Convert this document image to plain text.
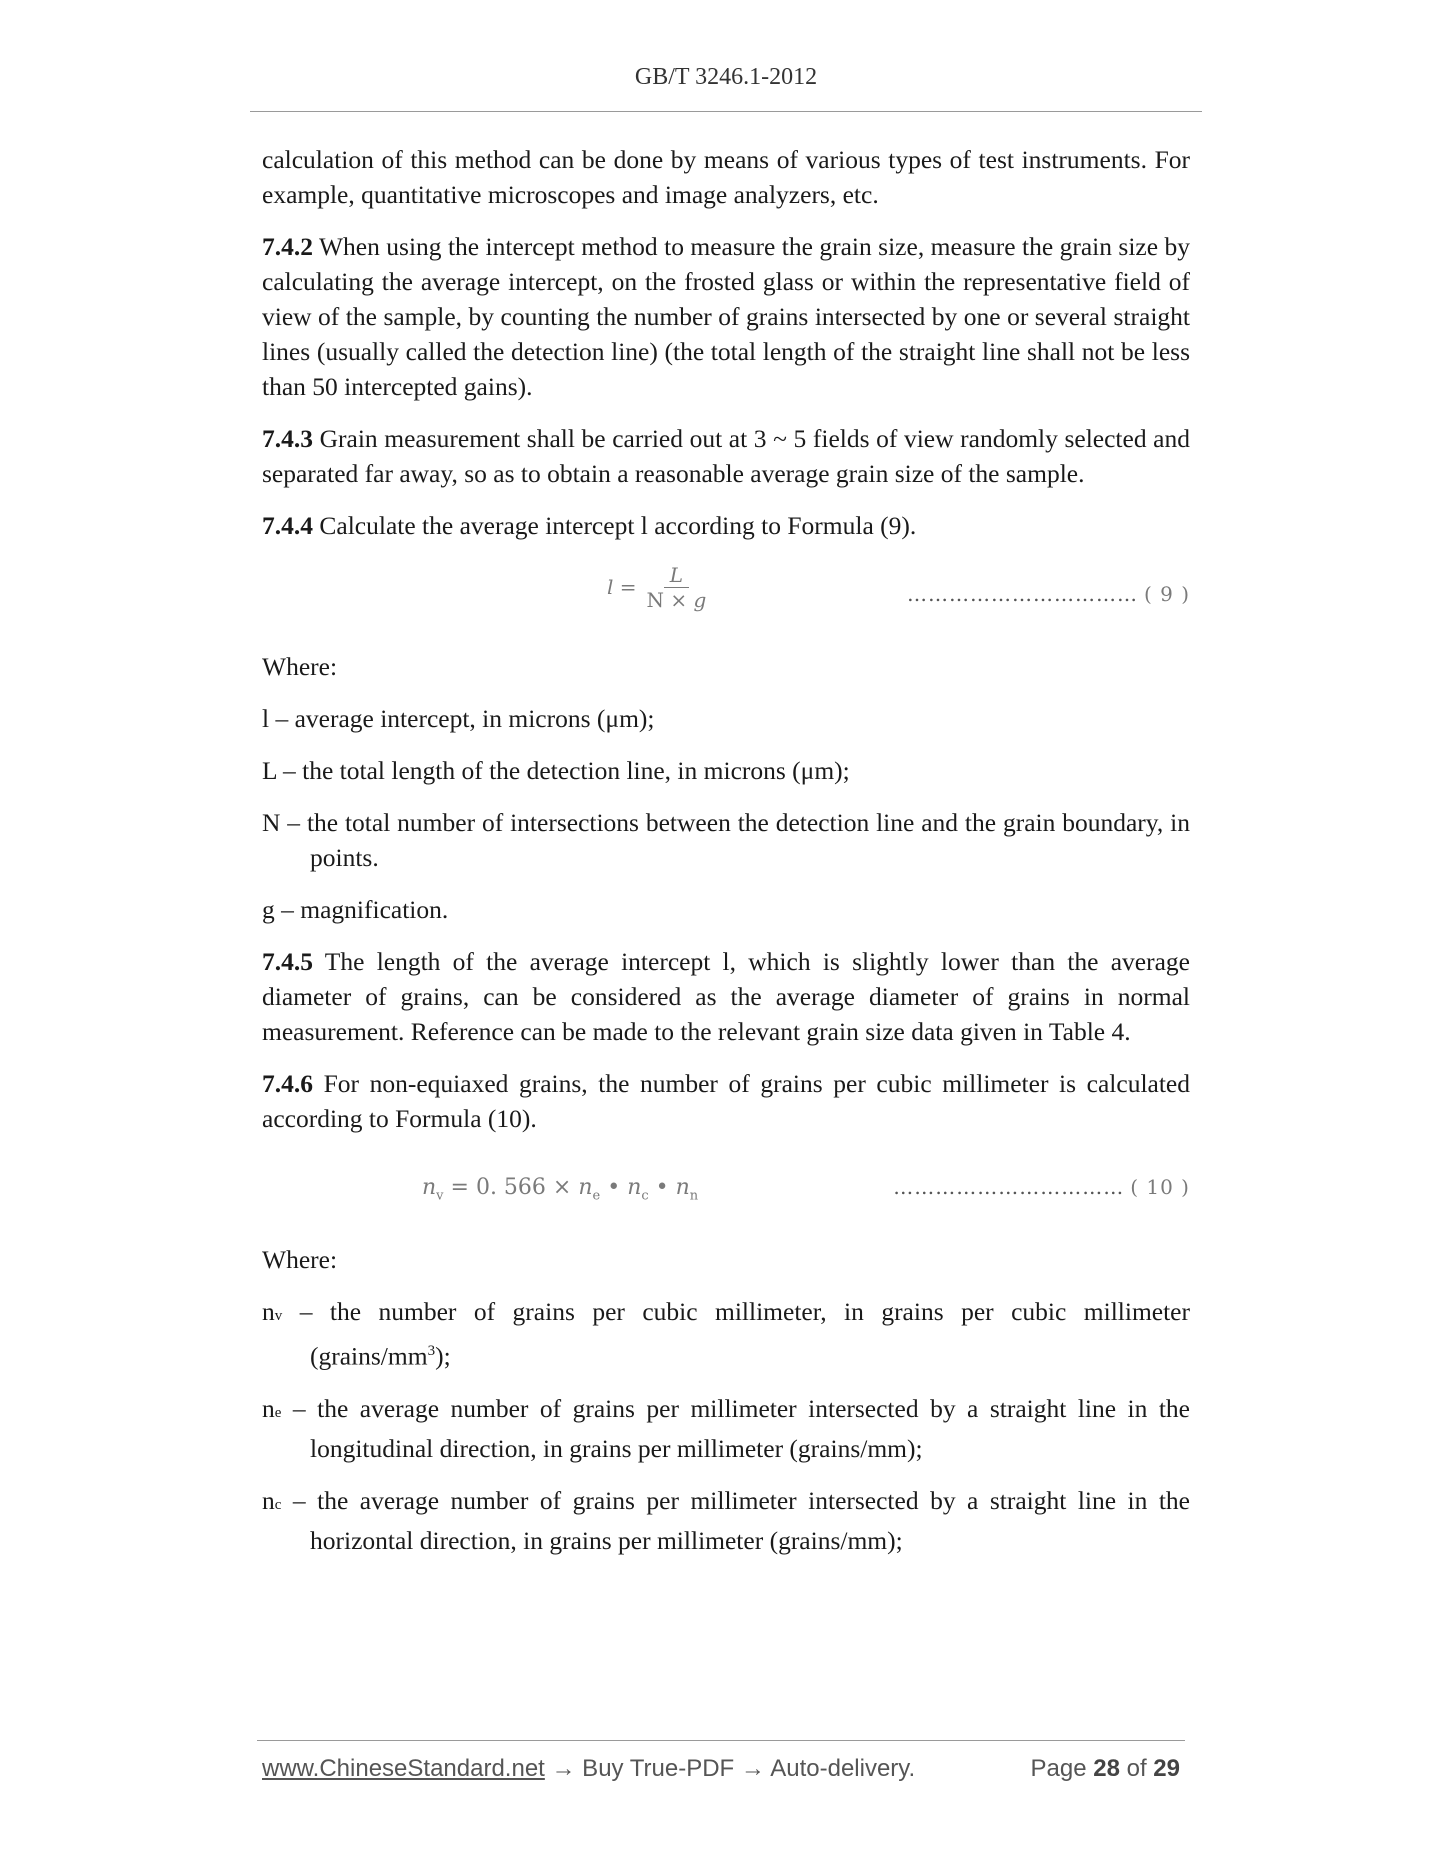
GB/T 3246.1-2012

calculation of this method can be done by means of various types of test instruments. For example, quantitative microscopes and image analyzers, etc.

7.4.2 When using the intercept method to measure the grain size, measure the grain size by calculating the average intercept, on the frosted glass or within the representative field of view of the sample, by counting the number of grains intersected by one or several straight lines (usually called the detection line) (the total length of the straight line shall not be less than 50 intercepted gains).

7.4.3 Grain measurement shall be carried out at 3 ~ 5 fields of view randomly selected and separated far away, so as to obtain a reasonable average grain size of the sample.

7.4.4 Calculate the average intercept l according to Formula (9).

$l = \frac{L}{N \times g}$	…………………………… ( 9 )

Where:

l – average intercept, in microns (μm);

L – the total length of the detection line, in microns (μm);

N – the total number of intersections between the detection line and the grain boundary, in points.

g – magnification.

7.4.5 The length of the average intercept l, which is slightly lower than the average diameter of grains, can be considered as the average diameter of grains in normal measurement. Reference can be made to the relevant grain size data given in Table 4.

7.4.6 For non-equiaxed grains, the number of grains per cubic millimeter is calculated according to Formula (10).

$n_v = 0$. $566 \times n_e$ • $n_c$ • $n_n$	…………………………… ( 10 )

Where:

nv – the number of grains per cubic millimeter, in grains per cubic millimeter $(grains/mm^3)$;

ne – the average number of grains per millimeter intersected by a straight line in the longitudinal direction, in grains per millimeter (grains/mm);

nc – the average number of grains per millimeter intersected by a straight line in the horizontal direction, in grains per millimeter (grains/mm);

www.ChineseStandard.net → Buy True-PDF → Auto-delivery.	Page 28 of 29
